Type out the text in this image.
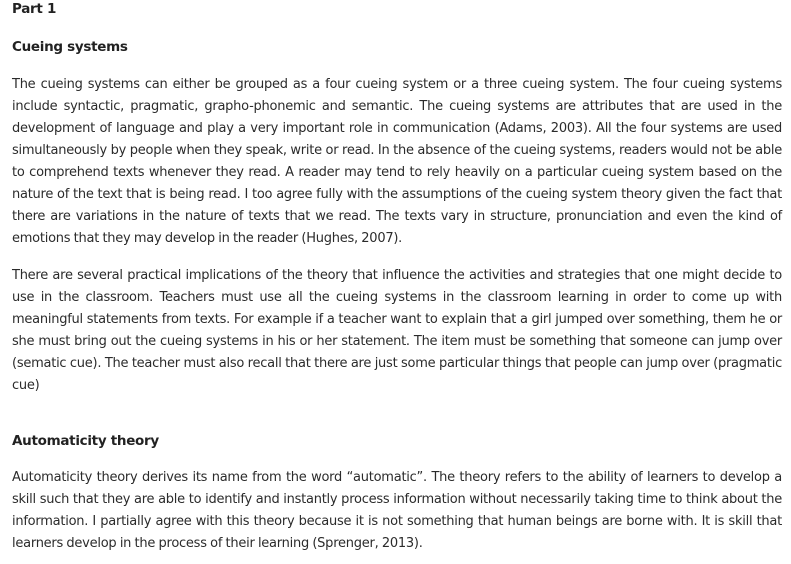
Part 1
Cueing systems

The cueing systems can either be grouped as a four cueing system or a three cueing system. The four cueing systems include syntactic, pragmatic, grapho-phonemic and semantic. The cueing systems are attributes that are used in the development of language and play a very important role in communication (Adams, 2003). All the four systems are used simultaneously by people when they speak, write or read. In the absence of the cueing systems, readers would not be able to comprehend texts whenever they read. A reader may tend to rely heavily on a particular cueing system based on the nature of the text that is being read. I too agree fully with the assumptions of the cueing system theory given the fact that there are variations in the nature of texts that we read. The texts vary in structure, pronunciation and even the kind of emotions that they may develop in the reader (Hughes, 2007).

There are several practical implications of the theory that influence the activities and strategies that one might decide to use in the classroom. Teachers must use all the cueing systems in the classroom learning in order to come up with meaningful statements from texts. For example if a teacher want to explain that a girl jumped over something, them he or she must bring out the cueing systems in his or her statement. The item must be something that someone can jump over (sematic cue). The teacher must also recall that there are just some particular things that people can jump over (pragmatic cue)

Automaticity theory

Automaticity theory derives its name from the word “automatic”. The theory refers to the ability of learners to develop a skill such that they are able to identify and instantly process information without necessarily taking time to think about the information. I partially agree with this theory because it is not something that human beings are borne with. It is skill that learners develop in the process of their learning (Sprenger, 2013).
